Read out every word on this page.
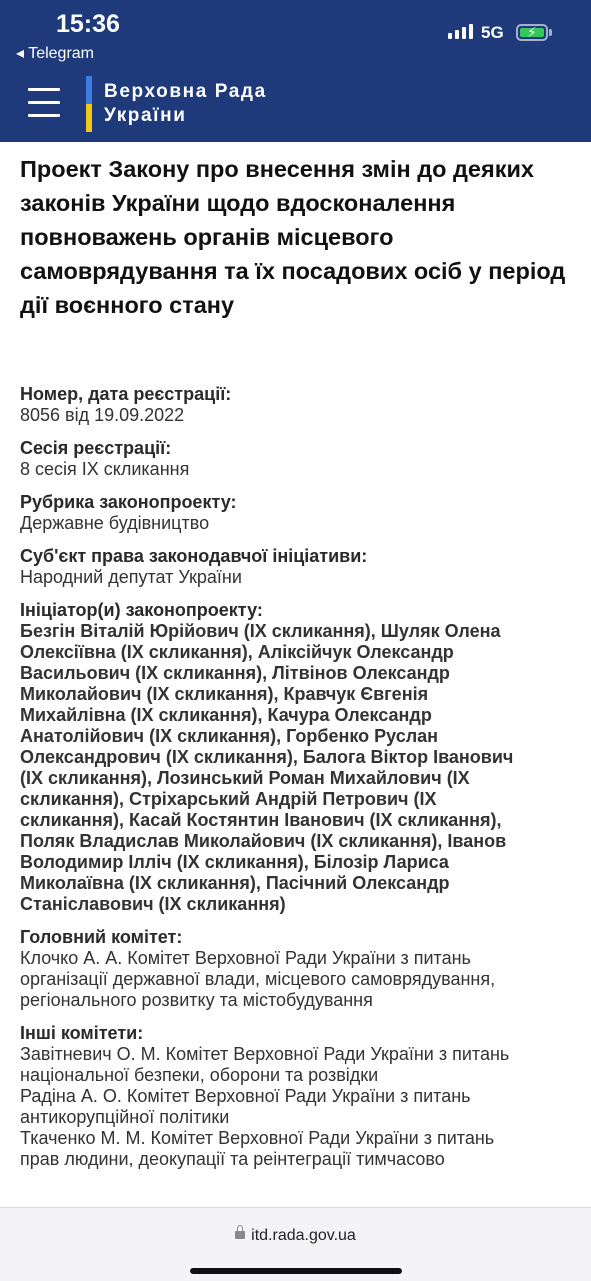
15:36
◂ Telegram
5G ⚡
Верховна Рада
України
Проект Закону про внесення змін до деяких законів України щодо вдосконалення повноважень органів місцевого самоврядування та їх посадових осіб у період дії воєнного стану
Номер, дата реєстрації:
8056 від 19.09.2022
Сесія реєстрації:
8 сесія IX скликання
Рубрика законопроекту:
Державне будівництво
Суб'єкт права законодавчої ініціативи:
Народний депутат України
Ініціатор(и) законопроекту:
Безгін Віталій Юрійович (IX скликання), Шуляк Олена
Олексіївна (IX скликання), Аліксійчук Олександр
Васильович (IX скликання), Літвінов Олександр
Миколайович (IX скликання), Кравчук Євгенія
Михайлівна (IX скликання), Качура Олександр
Анатолійович (IX скликання), Горбенко Руслан
Олександрович (IX скликання), Балога Віктор Іванович
(IX скликання), Лозинський Роман Михайлович (IX
скликання), Стріхарський Андрій Петрович (IX
скликання), Касай Костянтин Іванович (IX скликання),
Поляк Владислав Миколайович (IX скликання), Іванов
Володимир Ілліч (IX скликання), Білозір Лариса
Миколаївна (IX скликання), Пасічний Олександр
Станіславович (IX скликання)
Головний комітет:
Клочко А. А. Комітет Верховної Ради України з питань
організації державної влади, місцевого самоврядування,
регіонального розвитку та містобудування
Інші комітети:
Завітневич О. М. Комітет Верховної Ради України з питань
національної безпеки, оборони та розвідки
Радіна А. О. Комітет Верховної Ради України з питань
антикорупційної політики
Ткаченко М. М. Комітет Верховної Ради України з питань
прав людини, деокупації та реінтеграції тимчасово
itd.rada.gov.ua
